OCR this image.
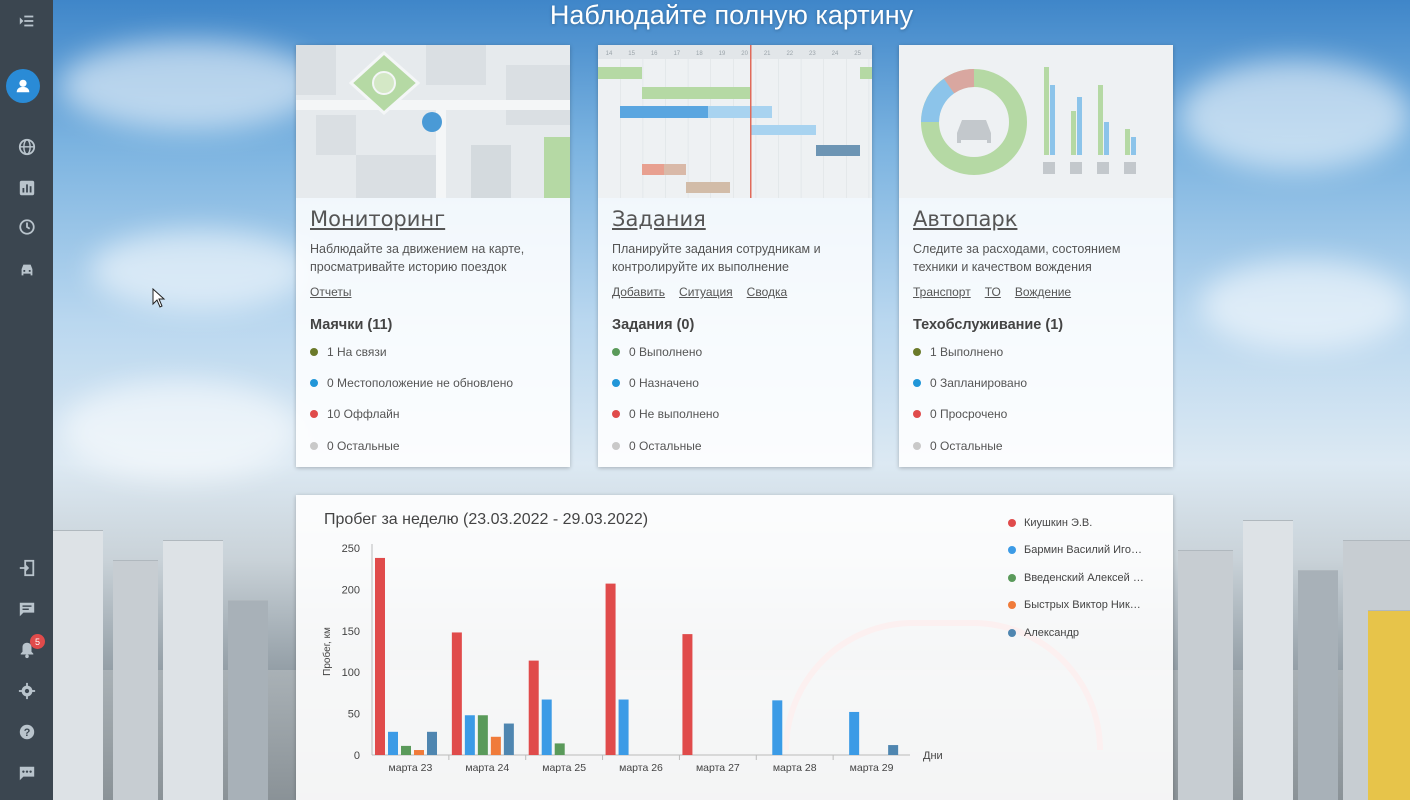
5
?
Наблюдайте полную картину
Мониторинг
Наблюдайте за движением на карте, просматривайте историю поездок
Отчеты
Маячки (11)
1 На связи
0 Местоположение не обновлено
10 Оффлайн
0 Остальные
14	15	16	17	18	19	20	21	22	23	24	25
Задания
Планируйте задания сотрудникам и контролируйте их выполнение
Добавить Ситуация Сводка
Задания (0)
0 Выполнено
0 Назначено
0 Не выполнено
0 Остальные
Автопарк
Следите за расходами, состоянием техники и качеством вождения
Транспорт ТО Вождение
Техобслуживание (1)
1 Выполнено
0 Запланировано
0 Просрочено
0 Остальные
Пробег за неделю (23.03.2022 - 29.03.2022)
0
50
100
150
200
250
Пробег, км
Дни
марта 23	марта 24	марта 25	марта 26	марта 27	марта 28	марта 29
Киушкин Э.В.
Бармин Василий Иго…
Введенский Алексей …
Быстрых Виктор Ник…
Александр
